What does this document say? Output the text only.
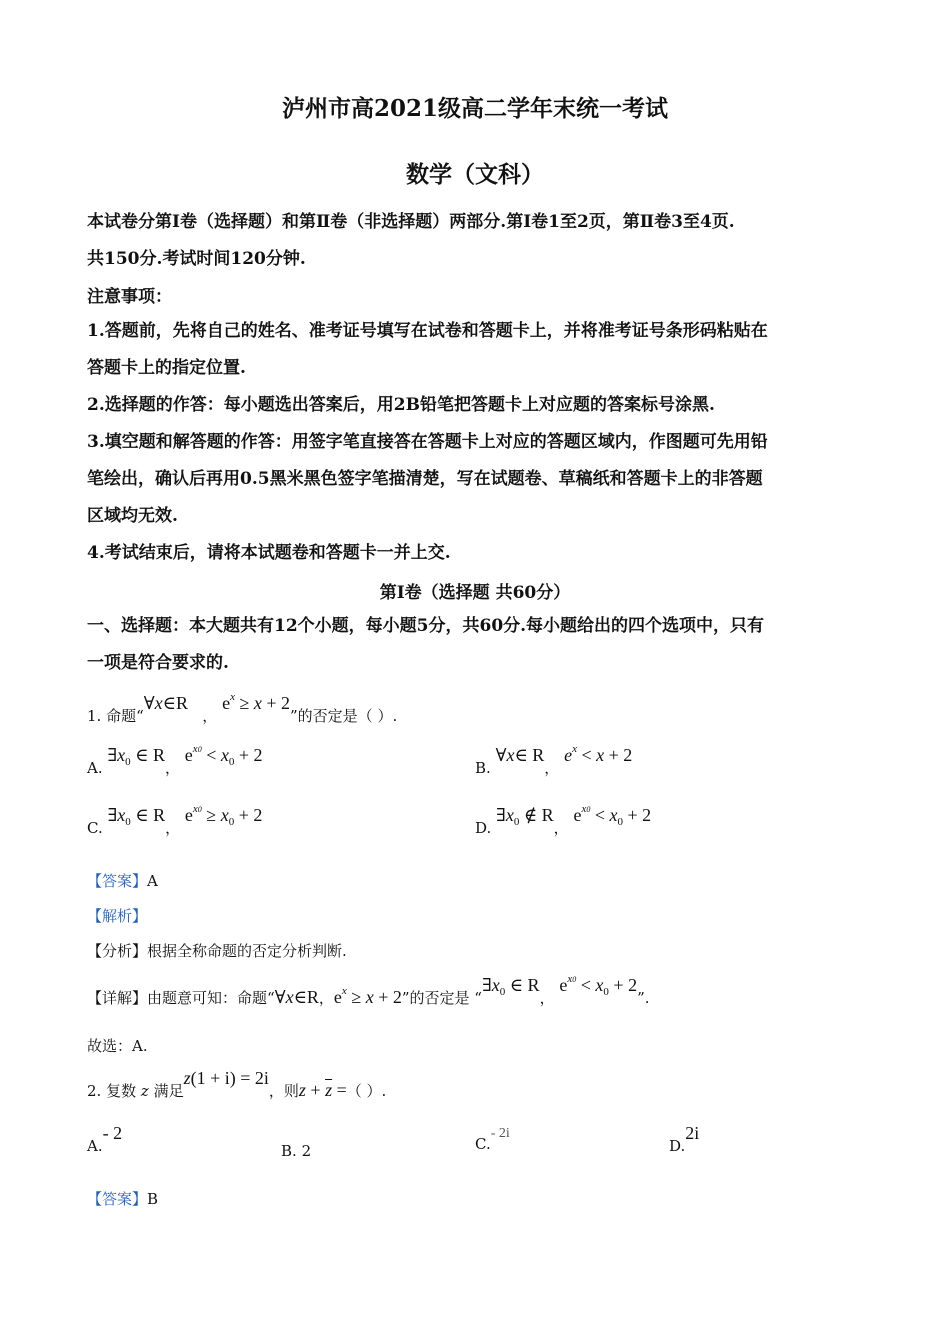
泸州市高2021级高二学年末统一考试
数学（文科）
本试卷分第Ⅰ卷（选择题）和第Ⅱ卷（非选择题）两部分.第Ⅰ卷1至2页，第Ⅱ卷3至4页.
共150分.考试时间120分钟.
注意事项：
1.答题前，先将自己的姓名、准考证号填写在试卷和答题卡上，并将准考证号条形码粘贴在
答题卡上的指定位置.
2.选择题的作答：每小题选出答案后，用2B铅笔把答题卡上对应题的答案标号涂黑.
3.填空题和解答题的作答：用签字笔直接答在答题卡上对应的答题区域内，作图题可先用铅
笔绘出，确认后再用0.5黑米黑色签字笔描清楚，写在试题卷、草稿纸和答题卡上的非答题
区域均无效.
4.考试结束后，请将本试题卷和答题卡一并上交.
第Ⅰ卷（选择题 共60分）
一、选择题：本大题共有12个小题，每小题5分，共60分.每小题给出的四个选项中，只有
一项是符合要求的.
1. 命题“∀x∈R   ， $e^x \ge x + 2$”的否定是（ ）.
A. $\exists x_0$ ∈ R， $e^{x0} < x_0 + 2$
B. ∀x∈ R， $e^x < x + 2$
C. $\exists x_0$ ∈ R， $e^{x0} \ge x_0 + 2$
D. $\exists x_0$ ∉ R， $e^{x0} < x_0 + 2$
【答案】A
【解析】
【分析】根据全称命题的否定分析判断.
【详解】由题意可知：命题“∀x∈R，$e^x \ge x + 2$”的否定是 “$\exists x_0$ ∈ R， $e^{x0} < x_0 + 2$”.
故选：A.
2. 复数 z 满足z(1 + i) = 2i，则$z + \overline{z}$ =（ ）.
A.- 2
B. 2	C.- 2i
D.2i
【答案】B
